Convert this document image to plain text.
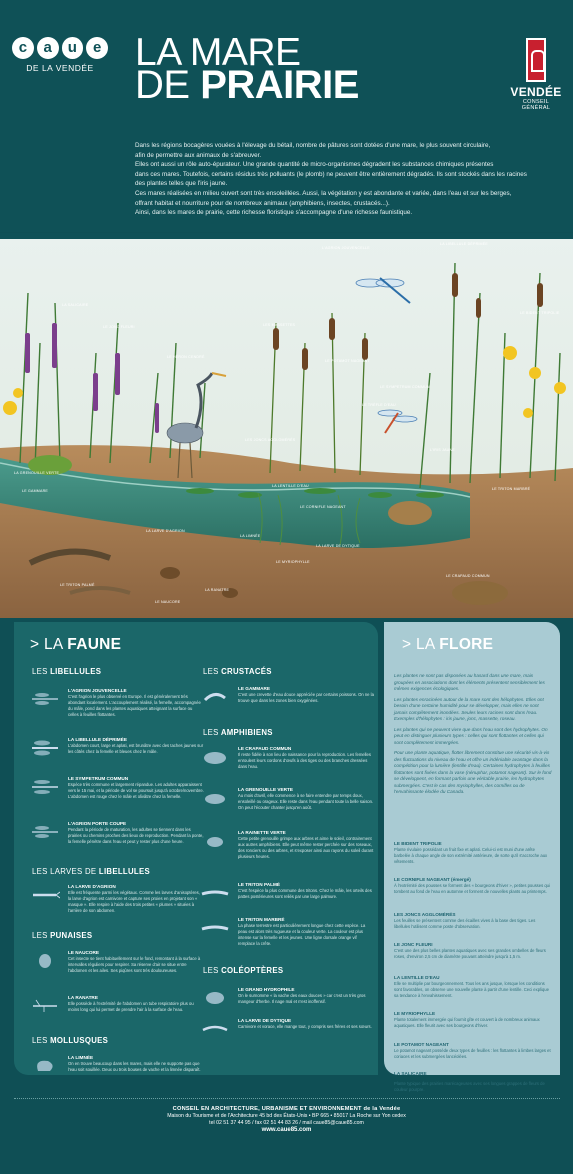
c	a	u	e
DE LA VENDÉE	LA MARE
DE PRAIRIE	VENDÉE
CONSEIL GÉNÉRAL

Dans les régions bocagères vouées à l'élevage du bétail, nombre de pâtures sont dotées d'une mare, le plus souvent circulaire,

afin de permettre aux animaux de s'abreuver.

Elles ont aussi un rôle auto-épurateur. Une grande quantité de micro-organismes dégradent les substances chimiques présentes

dans ces mares. Toutefois, certains résidus très polluants (le plomb) ne peuvent être entièrement dégradés. Ils sont stockés dans les racines

des plantes telles que l'iris jaune.

Ces mares réalisées en milieu ouvert sont très ensoleillées. Aussi, la végétation y est abondante et variée, dans l'eau et sur les berges,

offrant habitat et nourriture pour de nombreux animaux (amphibiens, insectes, crustacés...).

Ainsi, dans les mares de prairie, cette richesse floristique s'accompagne d'une richesse faunistique.

L'AGRION JOUVENCELLE
LA LIBELLULE DÉPRIMÉE
LA SALICAIRE
LE JONC FLEURI
LE HÉRON CENDRÉ
LES MASSETTES
LE POTAMOT NAGEANT
LE BIDENT TRIPOLIE
LE SYMPETRUM COMMUN
LE TRÈFLE D'EAU
LES JONCS AGGLOMÉRÉS
L'IRIS JAUNE
LE TRITON MARBRÉ
LA GRENOUILLE VERTE
LA LENTILLE D'EAU
LE GAMMARE
LE CORNIFLE NAGEANT
LA LARVE D'AGRION
LA LARVE DE DYTIQUE
LE MYRIOPHYLLE
LE CRAPAUD COMMUN
LA RANATRE
LE NAUCORE
LE TRITON PALMÉ
LA LIMNÉE
> LA FAUNE
LES LIBELLULES
L'AGRION JOUVENCELLE
C'est l'agrion le plus observé en Europe. Il est généralement très abondant localement. L'accouplement réalisé, la femelle, accompagnée du mâle, pond dans les plantes aquatiques atteignant la surface ou celles à feuilles flottantes.
LA LIBELLULE DÉPRIMÉE
L'abdomen court, large et aplati, est brunâtre avec des taches jaunes sur les côtés chez la femelle et bleues chez le mâle.
LE SYMPETRUM COMMUN
Espèce très commune et largement répandue. Les adultes apparaissent vers le 15 mai, et la période de vol se poursuit jusqu'à octobre/novembre. L'abdomen est rouge chez le mâle et olivâtre chez la femelle.
L'AGRION PORTE COUPE
Pendant la période de maturation, les adultes se tiennent dans les prairies ou chemins proches des lieux de reproduction. Pendant la ponte, la femelle pénètre dans l'eau et peut y rester plus d'une heure.
LES LARVES DE LIBELLULES
LA LARVE D'AGRION
Elle est fréquente parmi les végétaux. Comme les larves d'anisoptères, la larve d'agrion est carnivore et capture ses proies en projetant son « masque ». Elle respire à l'aide des trois petites « plumes » situées à l'arrière de son abdomen.
LES PUNAISES
LE NAUCORE
Cet insecte se tient habituellement sur le fond, remontant à la surface à intervalles réguliers pour respirer. Sa réserve d'air se situe entre l'abdomen et les ailes. Ses piqûres sont très douloureuses.
LA RANATRE
Elle possède à l'extrémité de l'abdomen un tube respiratoire plus ou moins long qui lui permet de prendre l'air à la surface de l'eau.
LES MOLLUSQUES
LA LIMNÉE
On en trouve beaucoup dans les mares, mais elle ne supporte pas que l'eau soit souillée. Deux ou trois bouses de vache et la limnée disparaît.
LES CRUSTACÉS
LE GAMMARE
C'est une crevette d'eau douce appréciée par certains poissons. On ne la trouve que dans les zones bien oxygénées.
LES AMPHIBIENS
LE CRAPAUD COMMUN
Il reste fidèle à son lieu de naissance pour la reproduction. Les femelles enroulent leurs cordons d'œufs à des tiges ou des branches dressées dans l'eau.
LA GRENOUILLE VERTE
Au mois d'avril, elle commence à se faire entendre par temps doux, ensoleillé ou orageux. Elle reste dans l'eau pendant toute la belle saison. On peut l'écouter chanter jusqu'en août.
LA RAINETTE VERTE
Cette petite grenouille grimpe aux arbres et aime le soleil, contrairement aux autres amphibiens. Elle peut même rester perchée sur des roseaux, des ronciers ou des arbres, et s'exposer ainsi aux rayons du soleil durant plusieurs heures.
LE TRITON PALMÉ
C'est l'espèce la plus commune des tritons. Chez le mâle, les orteils des pattes postérieures sont reliés par une large palmure.
LE TRITON MARBRÉ
La phase terrestre est particulièrement longue chez cette espèce. La peau est alors très rugueuse et la couleur verte. La couleur est plus intense sur la femelle et les jeunes. Une ligne dorsale orange vif remplace la crête.
LES COLÉOPTÈRES
LE GRAND HYDROPHILE
On le surnomme « la vache des eaux douces » car c'est un très gros mangeur d'herbe. Il nage mal et n'est inoffensif.
LA LARVE DE DYTIQUE
Carnivore et vorace, elle mange tout, y compris ses frères et ses sœurs.
> LA FLORE

Les plantes ne sont pas disposées au hasard dans une mare, mais groupées en associations dont les éléments présentent sensiblement les mêmes exigences écologiques.

Les plantes enracinées autour de la mare sont des hélophytes. Elles ont besoin d'une certaine humidité pour se développer, mais elles ne sont jamais complètement inondées. Seules leurs racines sont dans l'eau. Exemples d'hélophytes : iris jaune, jonc, massette, roseau.

Les plantes qui ne peuvent vivre que dans l'eau sont des hydrophytes. On peut en distinguer plusieurs types : celles qui sont flottantes et celles qui sont complètement immergées.

Pour une plante aquatique, flotter librement constitue une sécurité vis-à-vis des fluctuations du niveau de l'eau et offre un indéniable avantage dans la compétition pour la lumière (lentille d'eau). Certaines hydrophytes à feuilles flottantes sont fixées dans la vase (nénuphar, potamot nageant). Sur le fond se développent, en formant parfois une véritable prairie, les hydrophytes submergées. C'est le cas des myriophylles, des cornifles ou de l'envahissante élodée du Canada.

LE BIDENT TRIPOLIE
Plante rivulaire possédant un fruit fixe et aplati. Celui-ci est muni d'une arête barbelée à chaque angle de son extrémité antérieure, de sorte qu'il s'accroche aux vêtements.
LE CORNIFLE NAGEANT (émergé)
À l'extrémité des pousses se forment des « bourgeons d'hiver », petites pousses qui tombent au fond de l'eau en automne et forment de nouvelles plants au printemps.
LES JONCS AGGLOMÉRÉS
Les feuilles se présentent comme des écailles vives à la base des tiges. Les libellules l'utilisent comme poste d'observation.
LE JONC FLEURI
C'est une des plus belles plantes aquatiques avec ses grandes ombelles de fleurs roses, d'environ 2,5 cm de diamètre pouvant atteindre jusqu'à 1,5 m.
LA LENTILLE D'EAU
Elle se multiplie par bourgeonnement. Tous les ans jusque, lorsque les conditions sont favorables, on observe une nouvelle plante à partir d'une lentille. Ceci explique sa tendance à l'envahissement.
LE MYRIOPHYLLE
Plante totalement immergée qui fournit gîte et couvert à de nombreux animaux aquatiques. Elle fleurit avec ses bourgeons d'hiver.
LE POTAMOT NAGEANT
Le potamot nageant possède deux types de feuilles : les flottantes à limbes larges et coriaces et les submergées lancéolées.
LA SALICAIRE
Plante typique des prairies marécageuses avec ses longues grappes de fleurs de couleur pourpre.
CONSEIL EN ARCHITECTURE, URBANISME ET ENVIRONNEMENT de la Vendée
Maison du Tourisme et de l'Architecture 45 bd des États-Unis • BP 665 • 85017 La Roche sur Yon cedex
tel 02 51 37 44 95 / fax 02 51 44 83 26 / mail caue85@caue85.com
www.caue85.com
